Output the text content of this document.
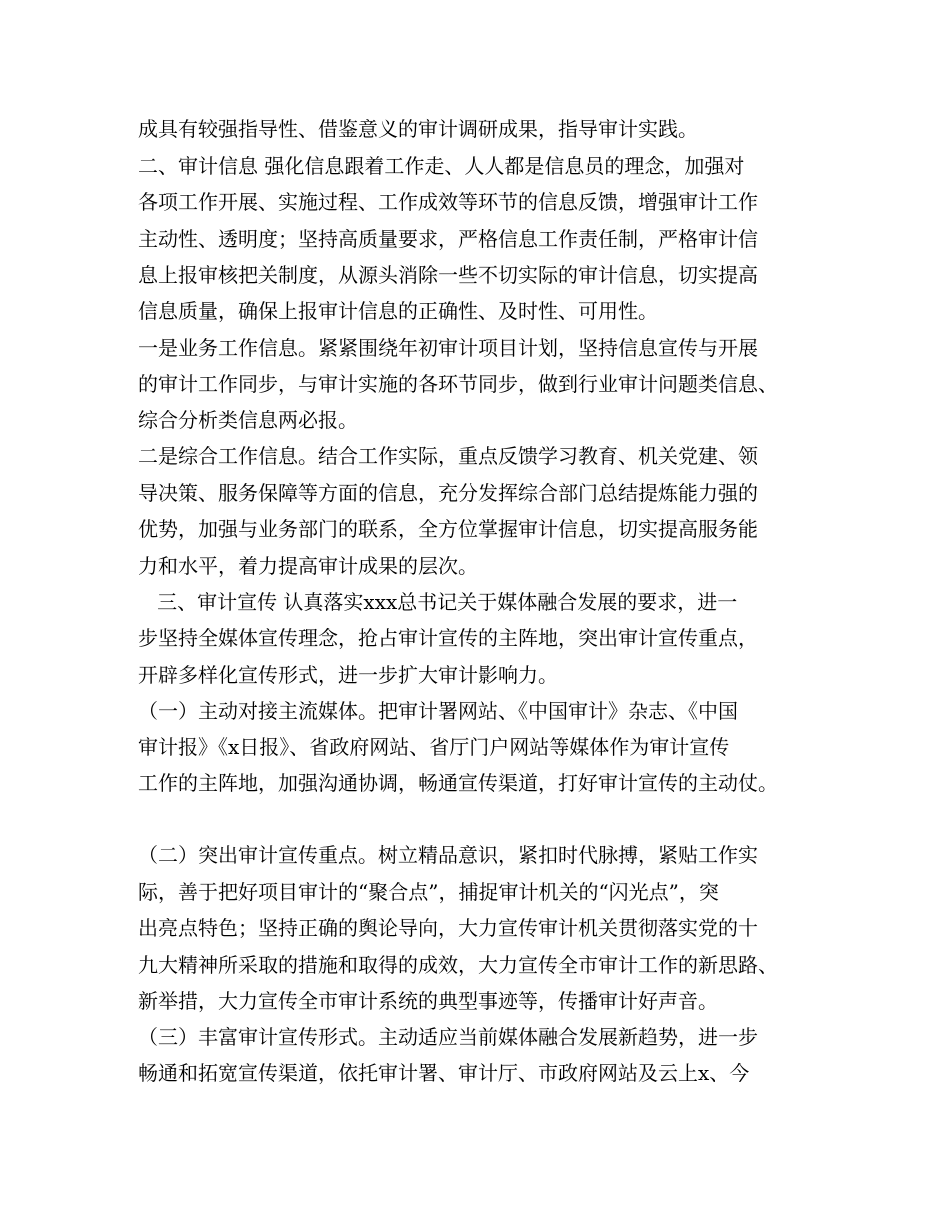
成具有较强指导性、借鉴意义的审计调研成果，指导审计实践。

二、审计信息 强化信息跟着工作走、人人都是信息员的理念，加强对

各项工作开展、实施过程、工作成效等环节的信息反馈，增强审计工作

主动性、透明度；坚持高质量要求，严格信息工作责任制，严格审计信

息上报审核把关制度，从源头消除一些不切实际的审计信息，切实提高

信息质量，确保上报审计信息的正确性、及时性、可用性。

一是业务工作信息。紧紧围绕年初审计项目计划，坚持信息宣传与开展

的审计工作同步，与审计实施的各环节同步，做到行业审计问题类信息、

综合分析类信息两必报。

二是综合工作信息。结合工作实际，重点反馈学习教育、机关党建、领

导决策、服务保障等方面的信息，充分发挥综合部门总结提炼能力强的

优势，加强与业务部门的联系，全方位掌握审计信息，切实提高服务能

力和水平，着力提高审计成果的层次。

三、审计宣传 认真落实xxx总书记关于媒体融合发展的要求，进一

步坚持全媒体宣传理念，抢占审计宣传的主阵地，突出审计宣传重点，

开辟多样化宣传形式，进一步扩大审计影响力。

（一）主动对接主流媒体。把审计署网站、《中国审计》杂志、《中国

审计报》《x日报》、省政府网站、省厅门户网站等媒体作为审计宣传

工作的主阵地，加强沟通协调，畅通宣传渠道，打好审计宣传的主动仗。

（二）突出审计宣传重点。树立精品意识，紧扣时代脉搏，紧贴工作实

际，善于把好项目审计的“聚合点”，捕捉审计机关的“闪光点”，突

出亮点特色；坚持正确的舆论导向，大力宣传审计机关贯彻落实党的十

九大精神所采取的措施和取得的成效，大力宣传全市审计工作的新思路、

新举措，大力宣传全市审计系统的典型事迹等，传播审计好声音。

（三）丰富审计宣传形式。主动适应当前媒体融合发展新趋势，进一步

畅通和拓宽宣传渠道，依托审计署、审计厅、市政府网站及云上x、今
